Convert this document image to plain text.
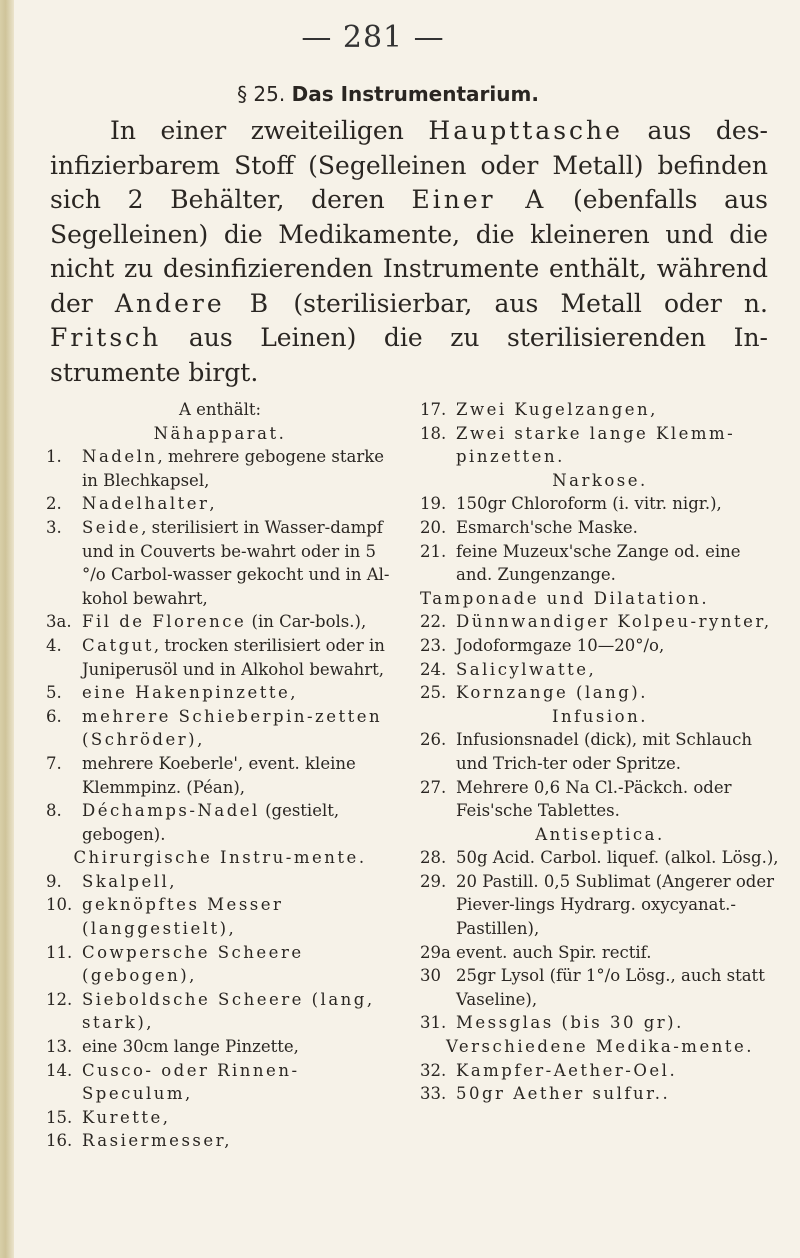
— 281 —
§ 25. Das Instrumentarium.

In einer zweiteiligen Haupttasche aus des-infizierbarem Stoff (Segelleinen oder Metall) befinden sich 2 Behälter, deren Einer A (ebenfalls aus Segelleinen) die Medikamente, die kleineren und die nicht zu desinfizierenden Instrumente enthält, während der Andere B (sterilisierbar, aus Metall oder n. Fritsch aus Leinen) die zu sterilisierenden In-strumente birgt.

A enthält:
Nähapparat.
1.	Nadeln, mehrere gebogene starke in Blechkapsel,
2.	Nadelhalter,
3.	Seide, sterilisiert in Wasser-dampf und in Couverts be-wahrt oder in 5 °/o Carbol-wasser gekocht und in Al-kohol bewahrt,
3a. Fil de Florence (in Car-bols.),
4.	Catgut, trocken sterilisiert oder in Juniperusöl und in Alkohol bewahrt,
5.	eine Hakenpinzette,
6.	mehrere Schieberpin-zetten (Schröder),
7.	mehrere Koeberle', event. kleine Klemmpinz. (Péan),
8.	Déchamps-Nadel (gestielt, gebogen).
Chirurgische Instru-mente.
9.	Skalpell,
10. geknöpftes Messer (langgestielt),
11. Cowpersche Scheere (gebogen),
12. Sieboldsche Scheere (lang, stark),
13. eine 30cm lange Pinzette,
14. Cusco- oder Rinnen-Speculum,
15. Kurette,
16. Rasiermesser,
17. Zwei Kugelzangen,
18. Zwei starke lange Klemm-pinzetten.
Narkose.
19. 150gr Chloroform (i. vitr. nigr.),
20. Esmarch'sche Maske.
21. feine Muzeux'sche Zange od. eine and. Zungenzange.
Tamponade und Dilatation.
22. Dünnwandiger Kolpeu-rynter,
23. Jodoformgaze 10—20°/o,
24. Salicylwatte,
25. Kornzange (lang).
Infusion.
26. Infusionsnadel (dick), mit Schlauch und Trich-ter oder Spritze.
27. Mehrere 0,6 Na Cl.-Päckch. oder Feis'sche Tablettes.
Antiseptica.
28. 50g Acid. Carbol. liquef. (alkol. Lösg.),
29. 20 Pastill. 0,5 Sublimat (Angerer oder Piever-lings Hydrarg. oxycyanat.-Pastillen),
29a event. auch Spir. rectif.
30 25gr Lysol (für 1°/o Lösg., auch statt Vaseline),
31. Messglas (bis 30 gr).
Verschiedene Medika-mente.
32. Kampfer-Aether-Oel.
33. 50gr Aether sulfur..
